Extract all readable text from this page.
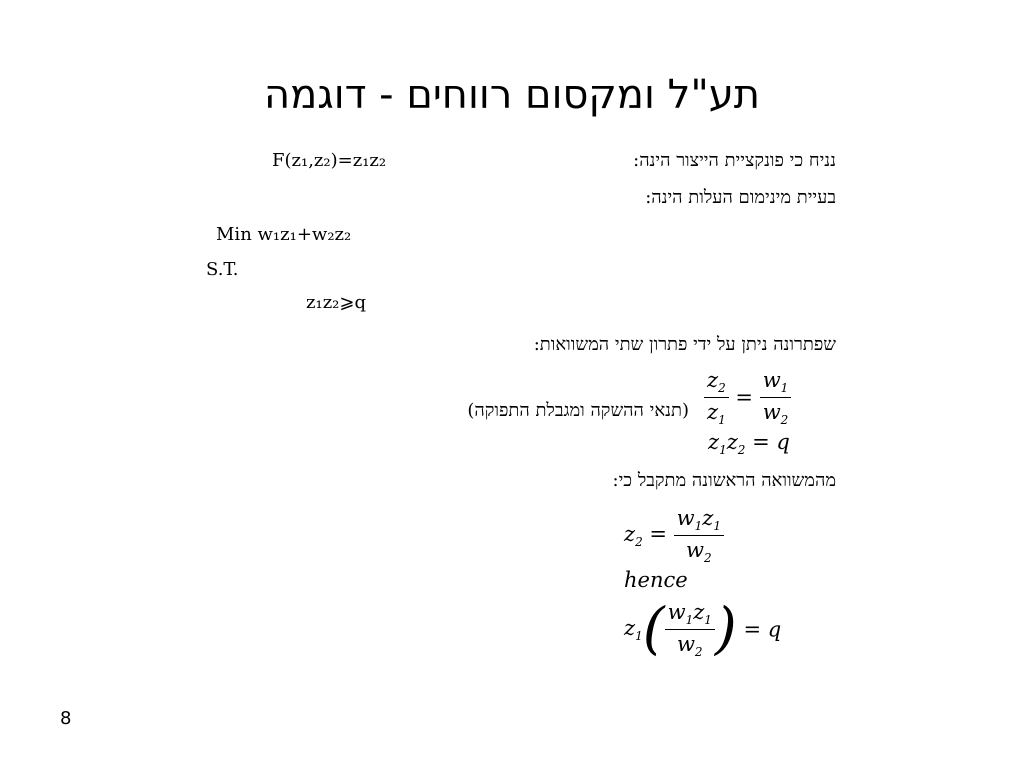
תע"ל ומקסום רווחים - דוגמה
נניח כי פונקציית הייצור הינה:
F(z₁,z₂)=z₁z₂
בעיית מינימום העלות הינה:
Min w₁z₁+w₂z₂
S.T.
z₁z₂⩾q
שפתרונה ניתן על ידי פתרון שתי המשוואות:
$\frac{z_2}{z_1} = \frac{w_1}{w_2}$
(תנאי ההשקה ומגבלת התפוקה)
$z_1z_2 = q$
מהמשוואה הראשונה מתקבל כי:
$z_2 = \frac{w_1z_1}{w_2}$
hence
$z_1( \frac{w_1z_1}{w_2}$ ) = q
8
